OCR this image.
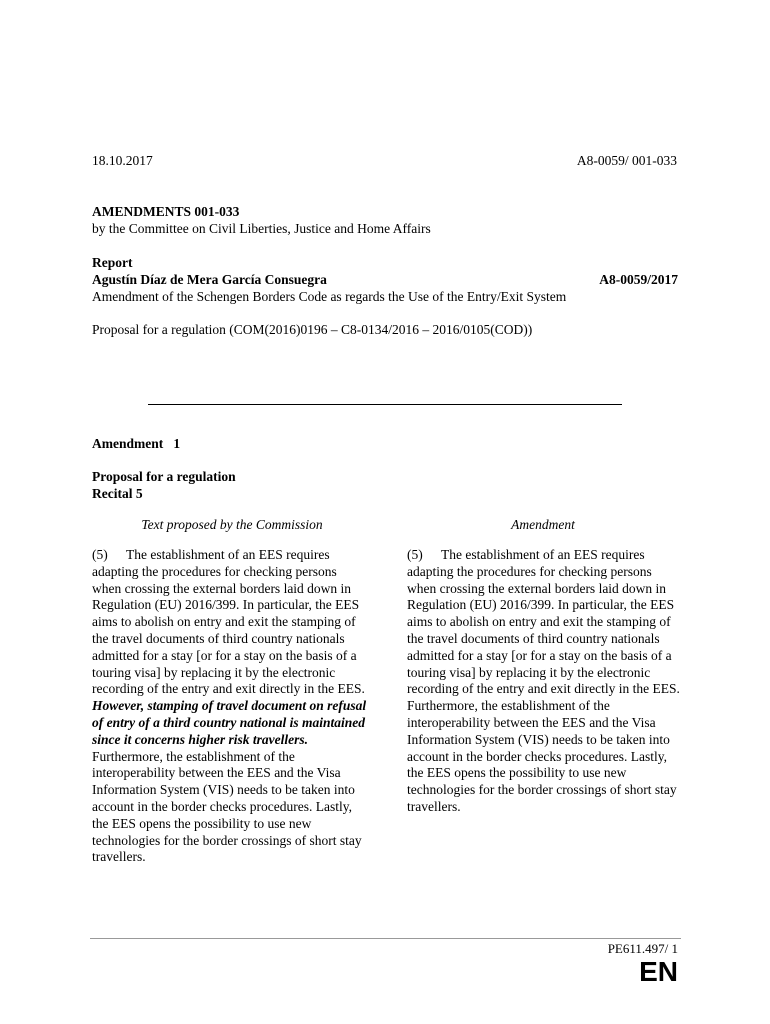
18.10.2017	A8-0059/ 001-033
AMENDMENTS 001-033
by the Committee on Civil Liberties, Justice and Home Affairs
Report
Agustín Díaz de Mera García Consuegra	A8-0059/2017
Amendment of the Schengen Borders Code as regards the Use of the Entry/Exit System
Proposal for a regulation (COM(2016)0196 – C8-0134/2016 – 2016/0105(COD))
Amendment   1
Proposal for a regulation
Recital 5
Text proposed by the Commission	Amendment
(5) The establishment of an EES requires adapting the procedures for checking persons when crossing the external borders laid down in Regulation (EU) 2016/399. In particular, the EES aims to abolish on entry and exit the stamping of the travel documents of third country nationals admitted for a stay [or for a stay on the basis of a touring visa] by replacing it by the electronic recording of the entry and exit directly in the EES. However, stamping of travel document on refusal of entry of a third country national is maintained since it concerns higher risk travellers. Furthermore, the establishment of the interoperability between the EES and the Visa Information System (VIS) needs to be taken into account in the border checks procedures. Lastly, the EES opens the possibility to use new technologies for the border crossings of short stay travellers.
(5) The establishment of an EES requires adapting the procedures for checking persons when crossing the external borders laid down in Regulation (EU) 2016/399. In particular, the EES aims to abolish on entry and exit the stamping of the travel documents of third country nationals admitted for a stay [or for a stay on the basis of a touring visa] by replacing it by the electronic recording of the entry and exit directly in the EES. Furthermore, the establishment of the interoperability between the EES and the Visa Information System (VIS) needs to be taken into account in the border checks procedures. Lastly, the EES opens the possibility to use new technologies for the border crossings of short stay travellers.
PE611.497/ 1
EN
